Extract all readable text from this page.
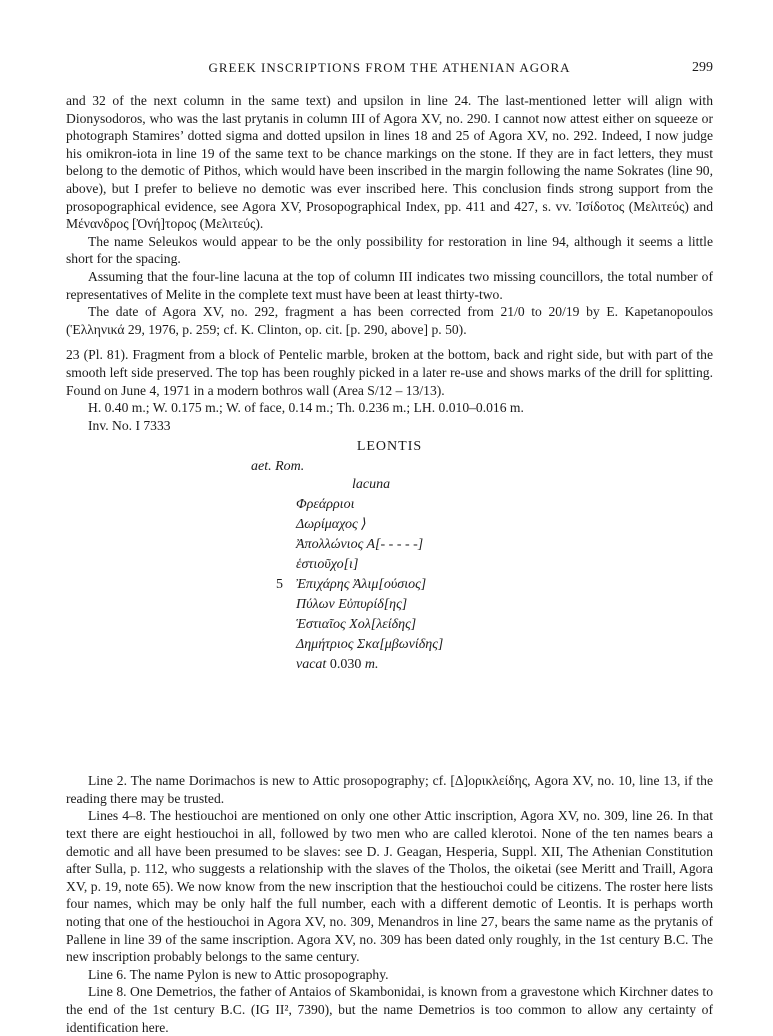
GREEK INSCRIPTIONS FROM THE ATHENIAN AGORA	299

and 32 of the next column in the same text) and upsilon in line 24. The last-mentioned letter will align with Dionysodoros, who was the last prytanis in column III of Agora XV, no. 290. I cannot now attest either on squeeze or photograph Stamires’ dotted sigma and dotted upsilon in lines 18 and 25 of Agora XV, no. 292. Indeed, I now judge his omikron-iota in line 19 of the same text to be chance markings on the stone. If they are in fact letters, they must belong to the demotic of Pithos, which would have been inscribed in the margin following the name Sokrates (line 90, above), but I prefer to believe no demotic was ever inscribed here. This conclusion finds strong support from the prosopographical evidence, see Agora XV, Prosopographical Index, pp. 411 and 427, s. vv. Ἰσίδοτος (Μελιτεύς) and Μένανδρος [Ὀνή]τορος (Μελιτεύς).

The name Seleukos would appear to be the only possibility for restoration in line 94, although it seems a little short for the spacing.

Assuming that the four-line lacuna at the top of column III indicates two missing councillors, the total number of representatives of Melite in the complete text must have been at least thirty-two.

The date of Agora XV, no. 292, fragment a has been corrected from 21/0 to 20/19 by E. Kapetanopoulos (Ἑλληνικά 29, 1976, p. 259; cf. K. Clinton, op. cit. [p. 290, above] p. 50).

23 (Pl. 81). Fragment from a block of Pentelic marble, broken at the bottom, back and right side, but with part of the smooth left side preserved. The top has been roughly picked in a later re-use and shows marks of the drill for splitting. Found on June 4, 1971 in a modern bothros wall (Area S/12 – 13/13).

H. 0.40 m.; W. 0.175 m.; W. of face, 0.14 m.; Th. 0.236 m.; LH. 0.010–0.016 m.

Inv. No. I 7333

LEONTIS
aet. Rom.
lacuna
Φρεάρριοι
Δωρίμαχος ⟩
Ἀπολλώνιος Α[- - - - -]
ἑστιοῦχο[ι]
5 Ἐπιχάρης Ἀλιμ[ούσιος]
Πύλων Εὐπυρίδ[ης]
Ἑστιαῖος Χολ[λείδης]
Δημήτριος Σκα[μβωνίδης]
vacat 0.030 m.

Line 2. The name Dorimachos is new to Attic prosopography; cf. [Δ]ορικλείδης, Agora XV, no. 10, line 13, if the reading there may be trusted.

Lines 4–8. The hestiouchoi are mentioned on only one other Attic inscription, Agora XV, no. 309, line 26. In that text there are eight hestiouchoi in all, followed by two men who are called klerotoi. None of the ten names bears a demotic and all have been presumed to be slaves: see D. J. Geagan, Hesperia, Suppl. XII, The Athenian Constitution after Sulla, p. 112, who suggests a relationship with the slaves of the Tholos, the oiketai (see Meritt and Traill, Agora XV, p. 19, note 65). We now know from the new inscription that the hestiouchoi could be citizens. The roster here lists four names, which may be only half the full number, each with a different demotic of Leontis. It is perhaps worth noting that one of the hestiouchoi in Agora XV, no. 309, Menandros in line 27, bears the same name as the prytanis of Pallene in line 39 of the same inscription. Agora XV, no. 309 has been dated only roughly, in the 1st century B.C. The new inscription probably belongs to the same century.

Line 6. The name Pylon is new to Attic prosopography.

Line 8. One Demetrios, the father of Antaios of Skambonidai, is known from a gravestone which Kirchner dates to the end of the 1st century B.C. (IG II², 7390), but the name Demetrios is too common to allow any certainty of identification here.
